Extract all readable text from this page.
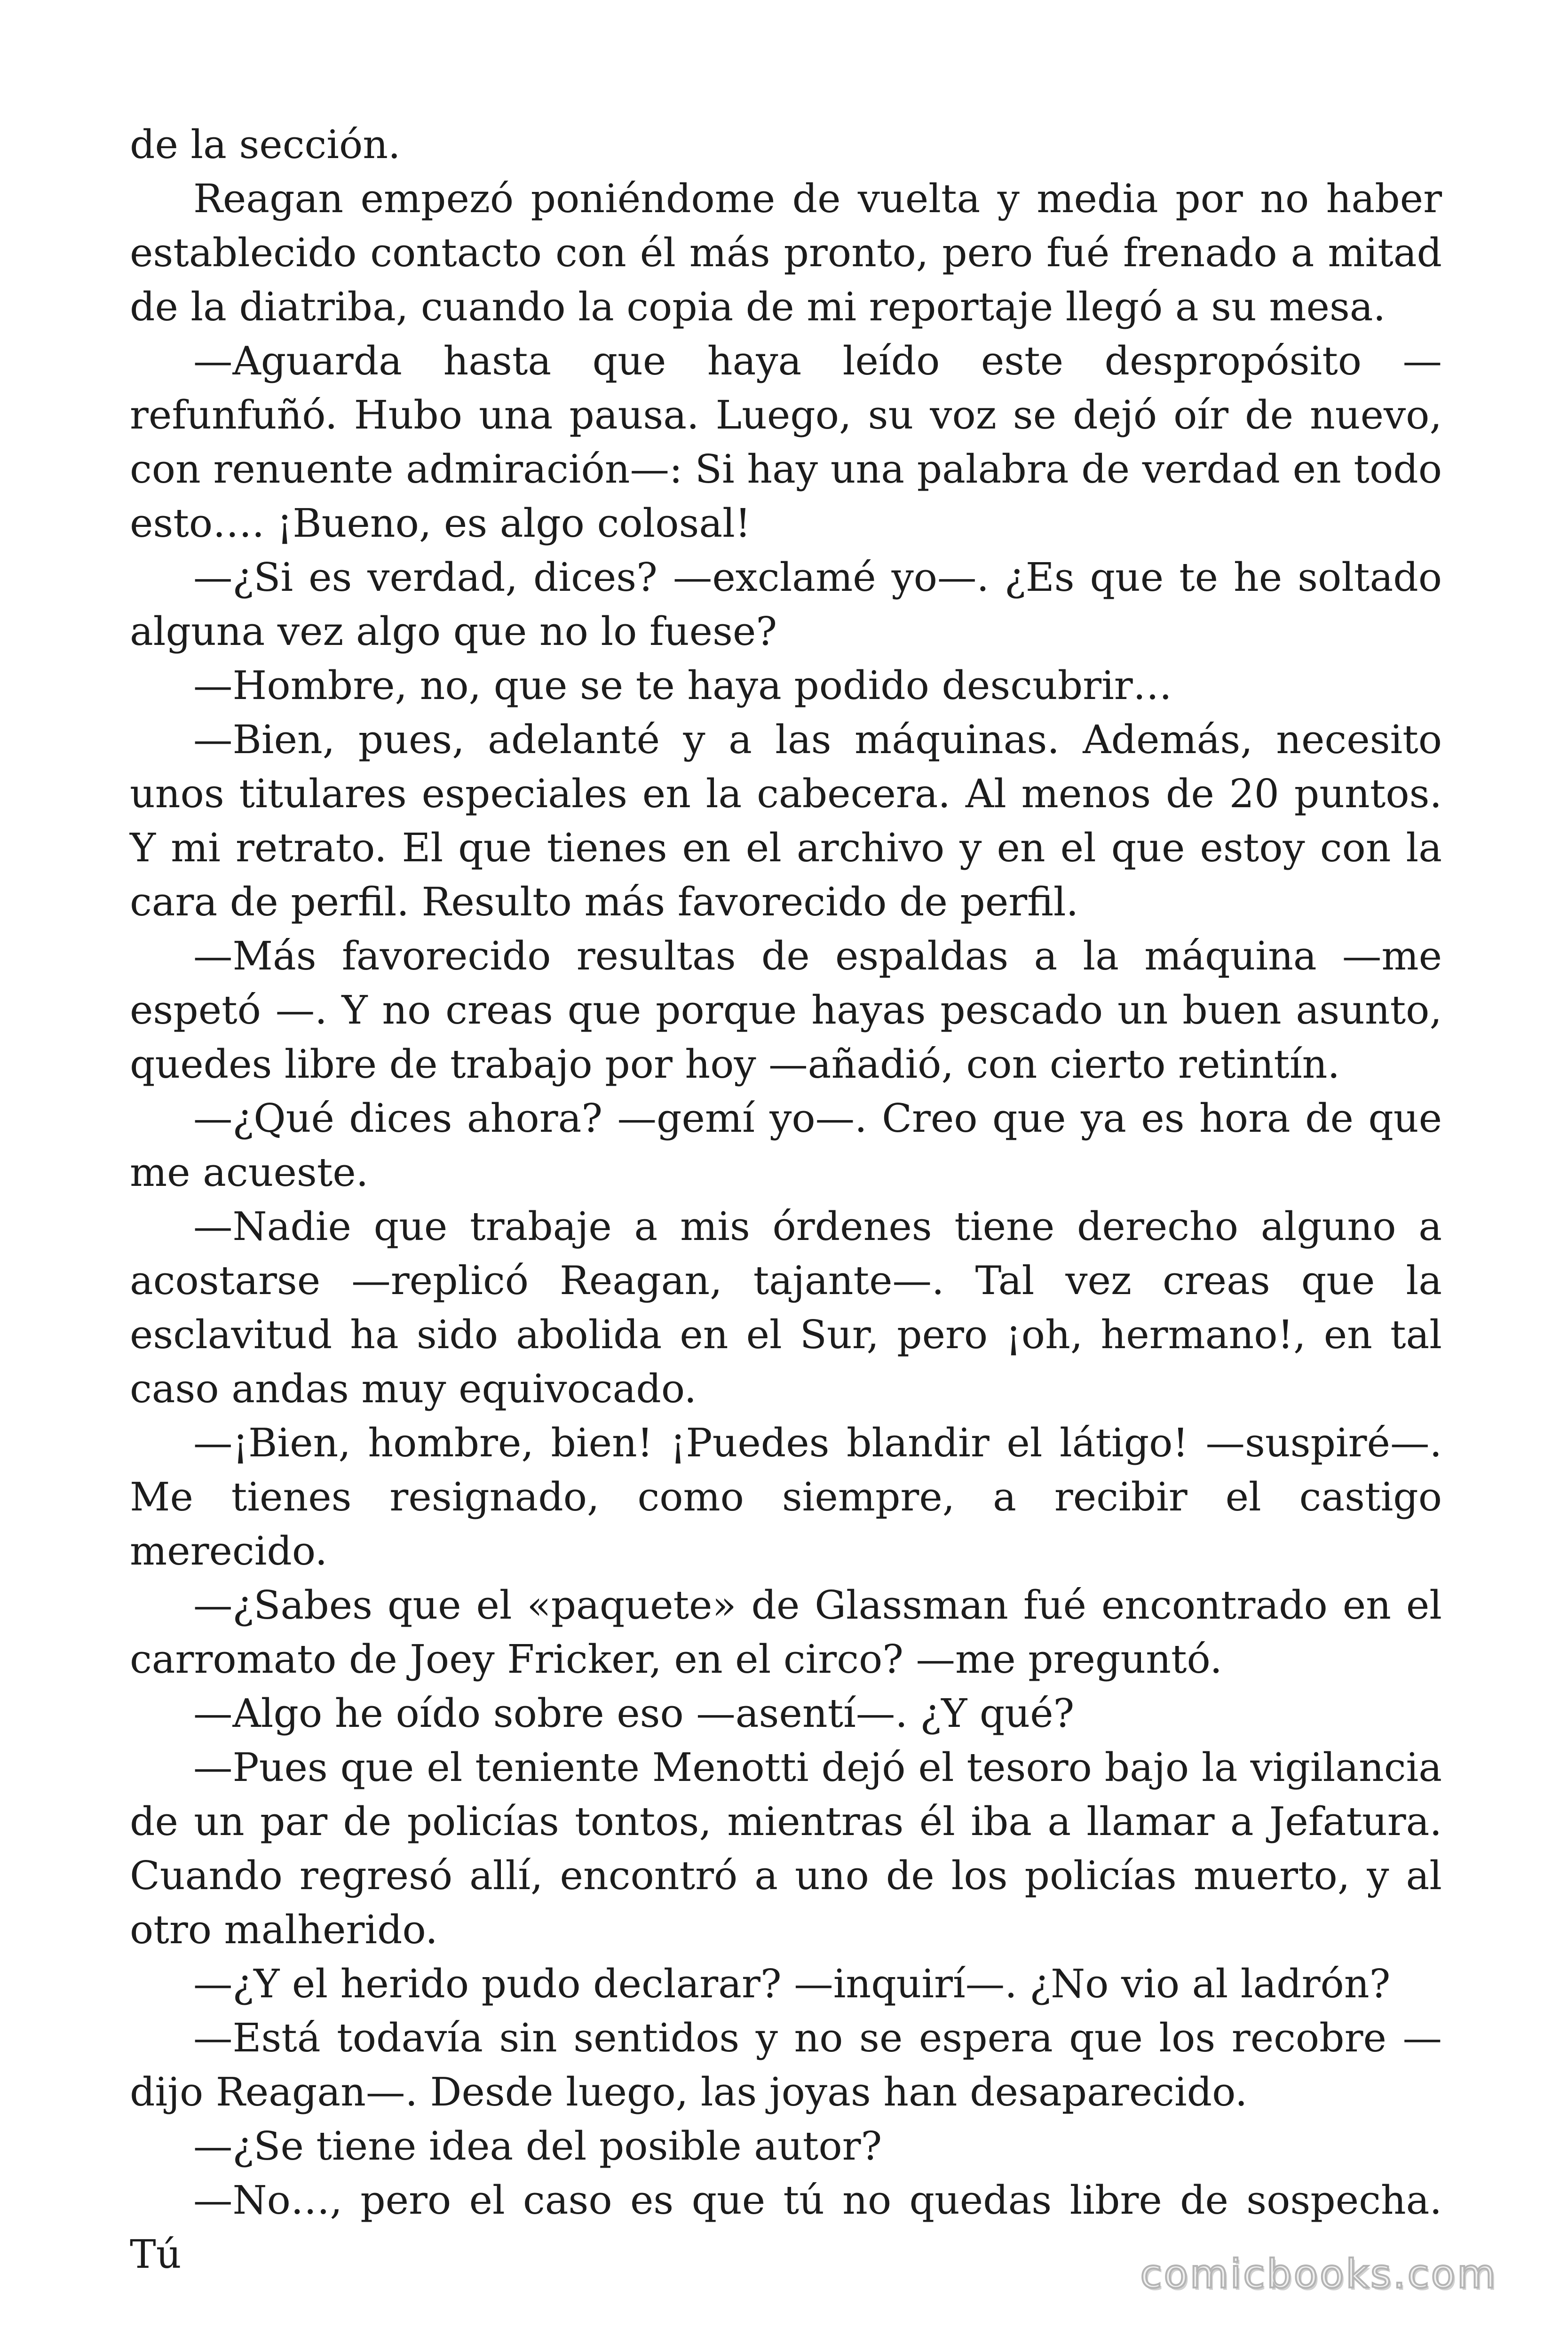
de la sección.

Reagan empezó poniéndome de vuelta y media por no haber establecido contacto con él más pronto, pero fué frenado a mitad de la diatriba, cuando la copia de mi reportaje llegó a su mesa.

—Aguarda hasta que haya leído este despropósito —refunfuñó. Hubo una pausa. Luego, su voz se dejó oír de nuevo, con renuente admiración—: Si hay una palabra de verdad en todo esto…. ¡Bueno, es algo colosal!

—¿Si es verdad, dices? —exclamé yo—. ¿Es que te he soltado alguna vez algo que no lo fuese?

—Hombre, no, que se te haya podido descubrir…

—Bien, pues, adelanté y a las máquinas. Además, necesito unos titulares especiales en la cabecera. Al menos de 20 puntos. Y mi retrato. El que tienes en el archivo y en el que estoy con la cara de perfil. Resulto más favorecido de perfil.

—Más favorecido resultas de espaldas a la máquina —me espetó —. Y no creas que porque hayas pescado un buen asunto, quedes libre de trabajo por hoy —añadió, con cierto retintín.

—¿Qué dices ahora? —gemí yo—. Creo que ya es hora de que me acueste.

—Nadie que trabaje a mis órdenes tiene derecho alguno a acostarse —replicó Reagan, tajante—. Tal vez creas que la esclavitud ha sido abolida en el Sur, pero ¡oh, hermano!, en tal caso andas muy equivocado.

—¡Bien, hombre, bien! ¡Puedes blandir el látigo! —suspiré—. Me tienes resignado, como siempre, a recibir el castigo merecido.

—¿Sabes que el «paquete» de Glassman fué encontrado en el carromato de Joey Fricker, en el circo? —me preguntó.

—Algo he oído sobre eso —asentí—. ¿Y qué?

—Pues que el teniente Menotti dejó el tesoro bajo la vigilancia de un par de policías tontos, mientras él iba a llamar a Jefatura. Cuando regresó allí, encontró a uno de los policías muerto, y al otro malherido.

—¿Y el herido pudo declarar? —inquirí—. ¿No vio al ladrón?

—Está todavía sin sentidos y no se espera que los recobre —dijo Reagan—. Desde luego, las joyas han desaparecido.

—¿Se tiene idea del posible autor?

—No…, pero el caso es que tú no quedas libre de sospecha. Tú	comicbooks.com
